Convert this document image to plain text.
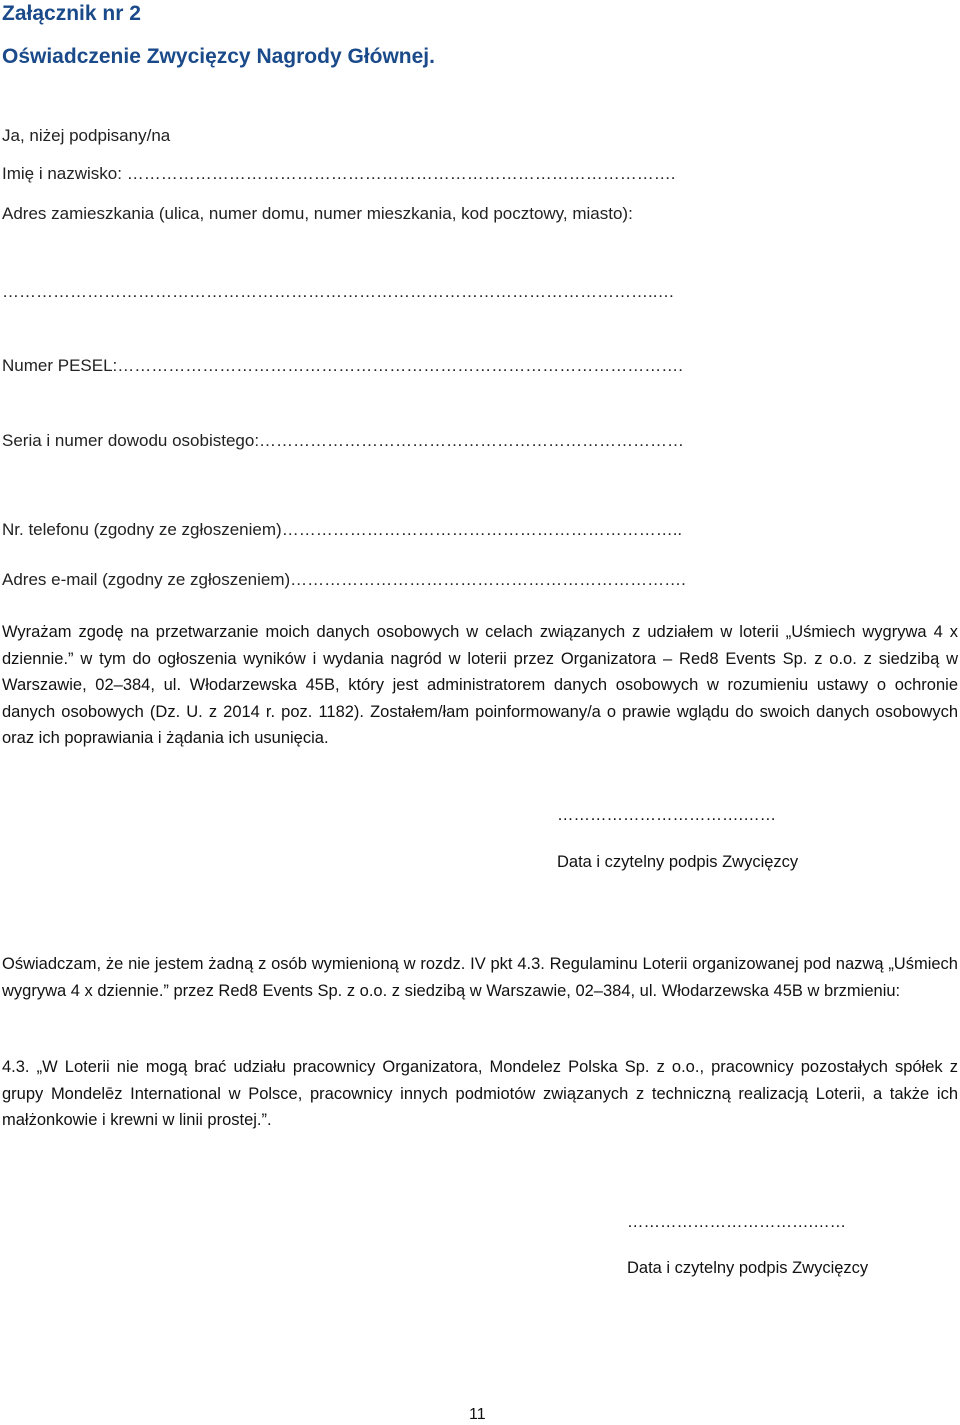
Załącznik nr 2
Oświadczenie Zwycięzcy Nagrody Głównej.
Ja, niżej podpisany/na
Imię i nazwisko: …………………………………………………………………………………….
Adres zamieszkania (ulica, numer domu, numer mieszkania, kod pocztowy, miasto):
……………………………………………………………………………………………………..…
Numer PESEL:……………………………………………………………………………………….
Seria i numer dowodu osobistego:…………………………………………………………………
Nr. telefonu (zgodny ze zgłoszeniem)……………………………………………………………..
Adres e-mail (zgodny ze zgłoszeniem)…………………………………………………………….
Wyrażam zgodę na przetwarzanie moich danych osobowych w celach związanych z udziałem w loterii „Uśmiech wygrywa 4 x dziennie.” w tym do ogłoszenia wyników i wydania nagród w loterii przez Organizatora – Red8 Events Sp. z o.o. z siedzibą w Warszawie, 02–384, ul. Włodarzewska 45B, który jest administratorem danych osobowych w rozumieniu ustawy o ochronie danych osobowych (Dz. U. z 2014 r. poz. 1182). Zostałem/łam poinformowany/a o prawie wglądu do swoich danych osobowych oraz ich poprawiania i żądania ich usunięcia.
…………………………….……
Data i czytelny podpis Zwycięzcy
Oświadczam, że nie jestem żadną z osób wymienioną w rozdz. IV pkt 4.3. Regulaminu Loterii organizowanej pod nazwą „Uśmiech wygrywa 4 x dziennie.” przez Red8 Events Sp. z o.o. z siedzibą w Warszawie, 02–384, ul. Włodarzewska 45B w brzmieniu:
4.3. „W Loterii nie mogą brać udziału pracownicy Organizatora, Mondelez Polska Sp. z o.o., pracownicy pozostałych spółek z grupy Mondelēz International w Polsce, pracownicy innych podmiotów związanych z techniczną realizacją Loterii, a także ich małżonkowie i krewni w linii prostej.”.
…………………………….……
Data i czytelny podpis Zwycięzcy
11
